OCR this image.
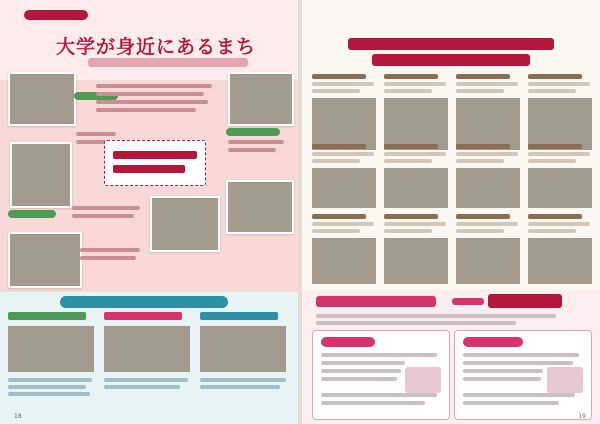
大学が身近にあるまち
18	19
